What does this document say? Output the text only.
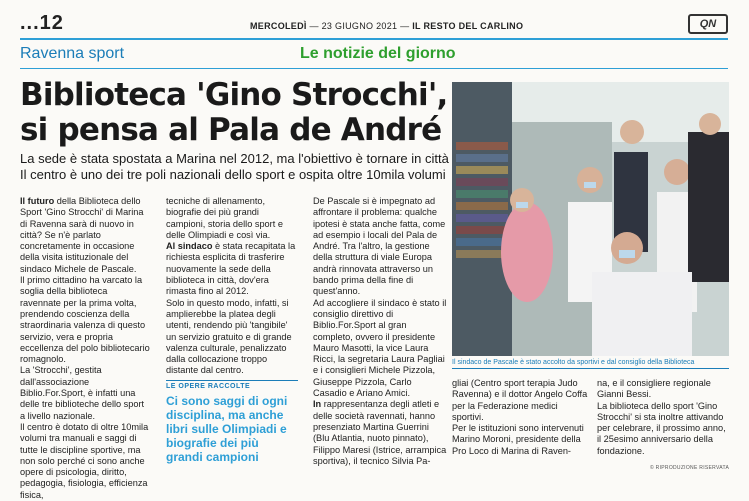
...12	MERCOLEDÌ — 23 GIUGNO 2021 — IL RESTO DEL CARLINO	QN
Ravenna sport	Le notizie del giorno
Biblioteca 'Gino Strocchi', si pensa al Pala de André
La sede è stata spostata a Marina nel 2012, ma l'obiettivo è tornare in città Il centro è uno dei tre poli nazionali dello sport e ospita oltre 10mila volumi

Il futuro della Biblioteca dello Sport 'Gino Strocchi' di Marina di Ravenna sarà di nuovo in città? Se n'è parlato concretamente in occasione della visita istituzionale del sindaco Michele de Pascale.

Il primo cittadino ha varcato la soglia della biblioteca ravennate per la prima volta, prendendo coscienza della straordinaria valenza di questo servizio, vera e propria eccellenza del polo bibliotecario romagnolo.

La 'Strocchi', gestita dall'associazione Biblio.For.Sport, è infatti una delle tre biblioteche dello sport a livello nazionale.

Il centro è dotato di oltre 10mila volumi tra manuali e saggi di tutte le discipline sportive, ma non solo perché ci sono anche opere di psicologia, diritto, pedagogia, fisiologia, efficienza fisica,

tecniche di allenamento, biografie dei più grandi campioni, storia dello sport e delle Olimpiadi e così via.

Al sindaco è stata recapitata la richiesta esplicita di trasferire nuovamente la sede della biblioteca in città, dov'era rimasta fino al 2012.

Solo in questo modo, infatti, si amplierebbe la platea degli utenti, rendendo più 'tangibile' un servizio gratuito e di grande valenza culturale, penalizzato dalla collocazione troppo distante dal centro.

LE OPERE RACCOLTE
Ci sono saggi di ogni disciplina, ma anche libri sulle Olimpiadi e biografie dei più grandi campioni

De Pascale si è impegnato ad affrontare il problema: qualche ipotesi è stata anche fatta, come ad esempio i locali del Pala de André. Tra l'altro, la gestione della struttura di viale Europa andrà rinnovata attraverso un bando prima della fine di quest'anno.

Ad accogliere il sindaco è stato il consiglio direttivo di Biblio.For.Sport al gran completo, ovvero il presidente Mauro Masotti, la vice Laura Ricci, la segretaria Laura Pagliai e i consiglieri Michele Pizzola, Giuseppe Pizzola, Carlo Casadio e Ariano Amici.

In rappresentanza degli atleti e delle società ravennati, hanno presenziato Martina Guerrini (Blu Atlantia, nuoto pinnato), Filippo Maresi (Istrice, arrampica sportiva), il tecnico Silvia Pa-

Il sindaco de Pascale è stato accolto da sportivi e dal consiglio della Biblioteca

gliai (Centro sport terapia Judo Ravenna) e il dottor Angelo Coffa per la Federazione medici sportivi.

Per le istituzioni sono intervenuti Marino Moroni, presidente della Pro Loco di Marina di Raven-

na, e il consigliere regionale Gianni Bessi.

La biblioteca dello sport 'Gino Strocchi' si sta inoltre attivando per celebrare, il prossimo anno, il 25esimo anniversario della fondazione.

© RIPRODUZIONE RISERVATA
